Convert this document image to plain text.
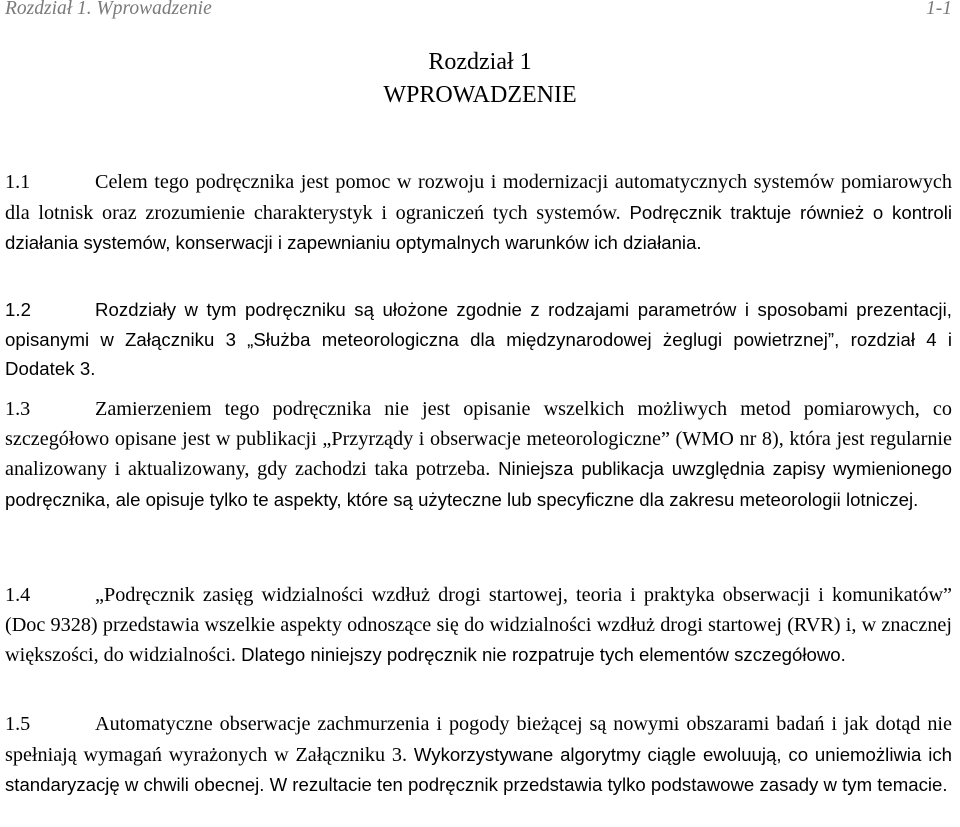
Rozdział 1. Wprowadzenie	1-1
Rozdział 1
WPROWADZENIE

1.1	Celem tego podręcznika jest pomoc w rozwoju i modernizacji automatycznych systemów pomiarowych dla lotnisk oraz zrozumienie charakterystyk i ograniczeń tych systemów. Podręcznik traktuje również o kontroli działania systemów, konserwacji i zapewnianiu optymalnych warunków ich działania.

1.2	Rozdziały w tym podręczniku są ułożone zgodnie z rodzajami parametrów i sposobami prezentacji, opisanymi w Załączniku 3 „Służba meteorologiczna dla międzynarodowej żeglugi powietrznej”, rozdział 4 i Dodatek 3.

1.3	Zamierzeniem tego podręcznika nie jest opisanie wszelkich możliwych metod pomiarowych, co szczegółowo opisane jest w publikacji „Przyrządy i obserwacje meteorologiczne” (WMO nr 8), która jest regularnie analizowany i aktualizowany, gdy zachodzi taka potrzeba. Niniejsza publikacja uwzględnia zapisy wymienionego podręcznika, ale opisuje tylko te aspekty, które są użyteczne lub specyficzne dla zakresu meteorologii lotniczej.

1.4	„Podręcznik zasięg widzialności wzdłuż drogi startowej, teoria i praktyka obserwacji i komunikatów” (Doc 9328) przedstawia wszelkie aspekty odnoszące się do widzialności wzdłuż drogi startowej (RVR) i, w znacznej większości, do widzialności. Dlatego niniejszy podręcznik nie rozpatruje tych elementów szczegółowo.

1.5	Automatyczne obserwacje zachmurzenia i pogody bieżącej są nowymi obszarami badań i jak dotąd nie spełniają wymagań wyrażonych w Załączniku 3. Wykorzystywane algorytmy ciągle ewoluują, co uniemożliwia ich standaryzację w chwili obecnej. W rezultacie ten podręcznik przedstawia tylko podstawowe zasady w tym temacie.
